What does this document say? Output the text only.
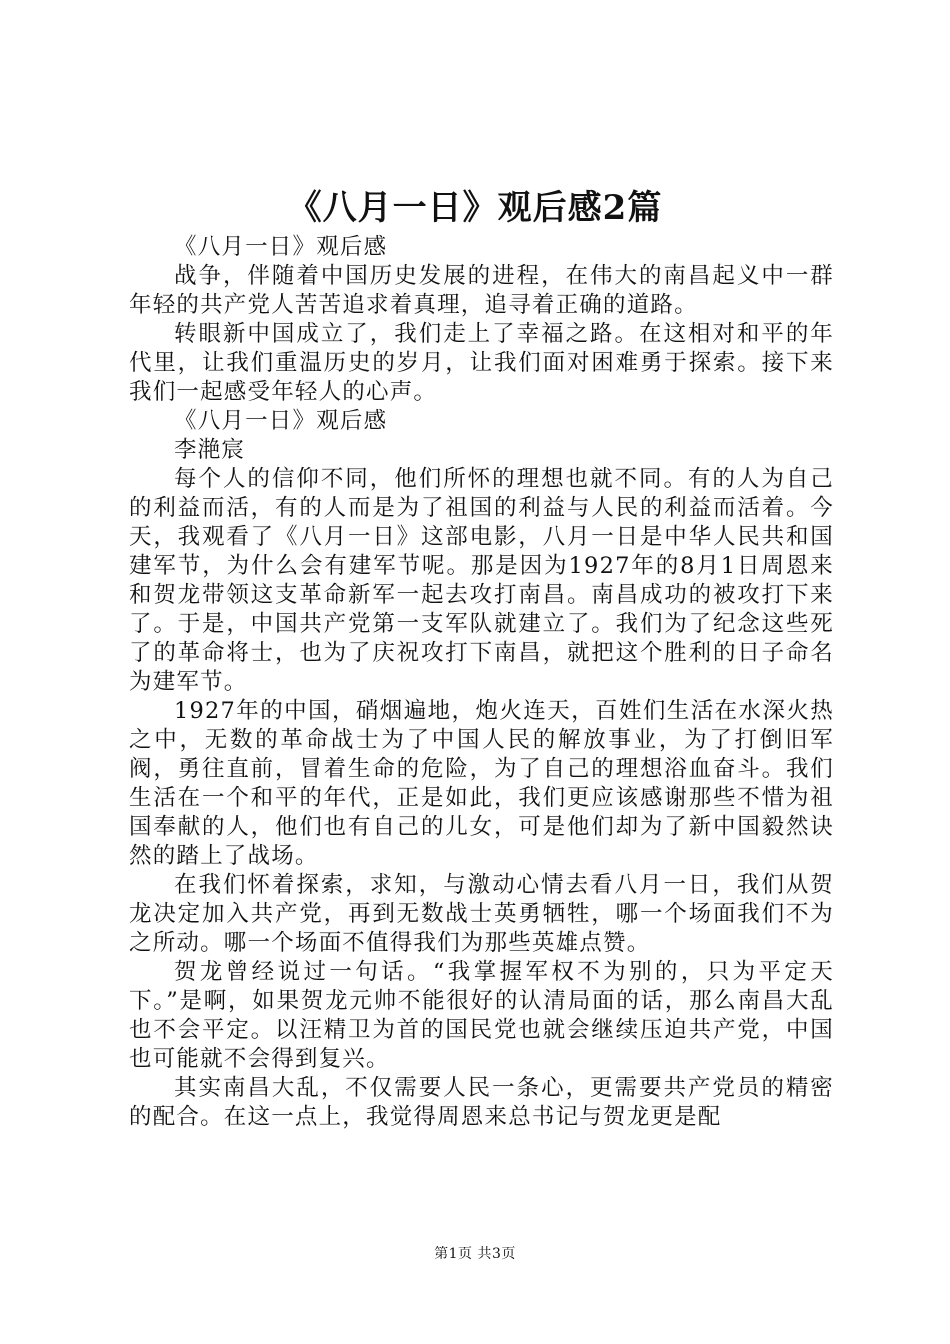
《八月一日》观后感2篇

《八月一日》观后感

战争，伴随着中国历史发展的进程，在伟大的南昌起义中一群年轻的共产党人苦苦追求着真理，追寻着正确的道路。

转眼新中国成立了，我们走上了幸福之路。在这相对和平的年代里，让我们重温历史的岁月，让我们面对困难勇于探索。接下来我们一起感受年轻人的心声。

《八月一日》观后感

李滟宸

每个人的信仰不同，他们所怀的理想也就不同。有的人为自己的利益而活，有的人而是为了祖国的利益与人民的利益而活着。今天，我观看了《八月一日》这部电影，八月一日是中华人民共和国建军节，为什么会有建军节呢。那是因为1927年的8月1日周恩来和贺龙带领这支革命新军一起去攻打南昌。南昌成功的被攻打下来了。于是，中国共产党第一支军队就建立了。我们为了纪念这些死了的革命将士，也为了庆祝攻打下南昌，就把这个胜利的日子命名为建军节。

1927年的中国，硝烟遍地，炮火连天，百姓们生活在水深火热之中，无数的革命战士为了中国人民的解放事业，为了打倒旧军阀，勇往直前，冒着生命的危险，为了自己的理想浴血奋斗。我们生活在一个和平的年代，正是如此，我们更应该感谢那些不惜为祖国奉献的人，他们也有自己的儿女，可是他们却为了新中国毅然诀然的踏上了战场。

在我们怀着探索，求知，与激动心情去看八月一日，我们从贺龙决定加入共产党，再到无数战士英勇牺牲，哪一个场面我们不为之所动。哪一个场面不值得我们为那些英雄点赞。

贺龙曾经说过一句话。“我掌握军权不为别的，只为平定天下。”是啊，如果贺龙元帅不能很好的认清局面的话，那么南昌大乱也不会平定。以汪精卫为首的国民党也就会继续压迫共产党，中国也可能就不会得到复兴。

其实南昌大乱，不仅需要人民一条心，更需要共产党员的精密的配合。在这一点上，我觉得周恩来总书记与贺龙更是配

第1页 共3页
